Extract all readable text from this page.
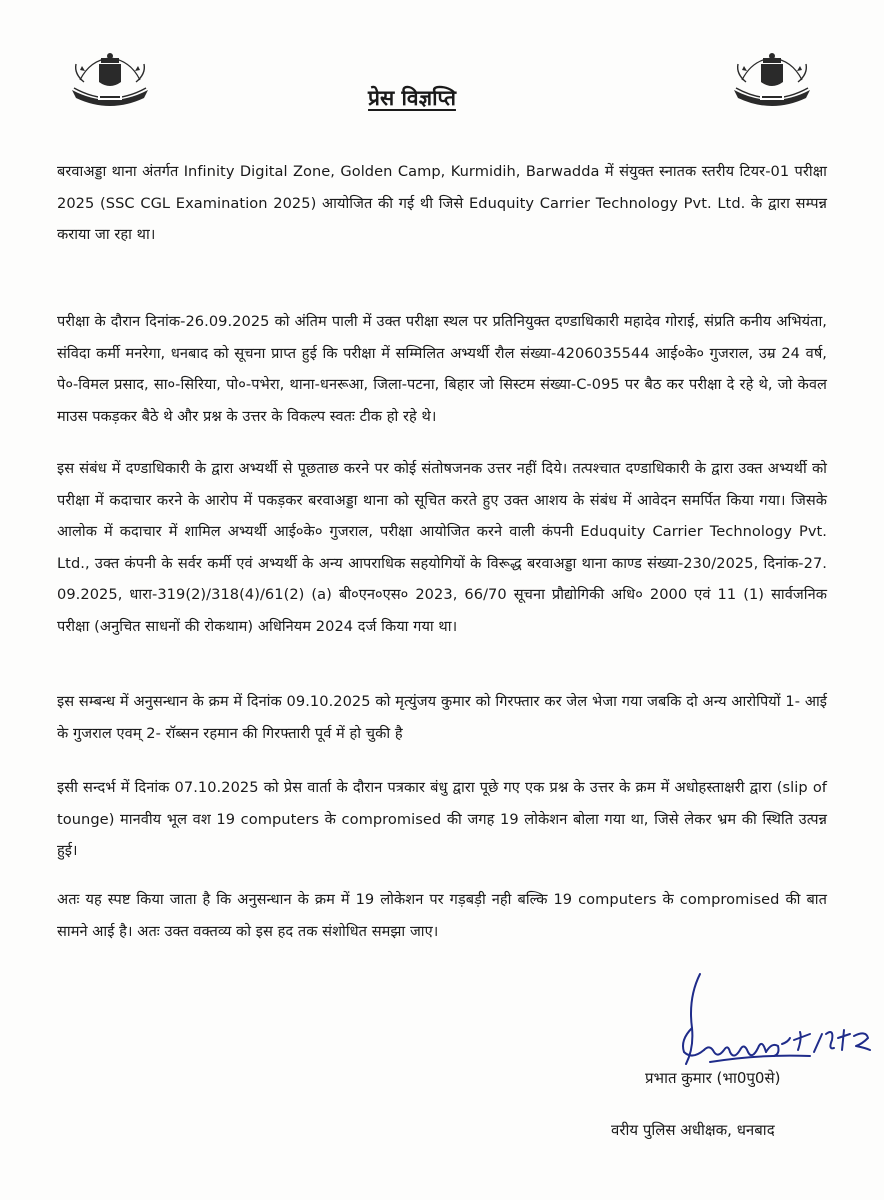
प्रेस विज्ञप्ति

बरवाअड्डा थाना अंतर्गत Infinity Digital Zone, Golden Camp, Kurmidih, Barwadda में संयुक्त स्नातक स्तरीय टियर-01 परीक्षा 2025 (SSC CGL Examination 2025) आयोजित की गई थी जिसे Eduquity Carrier Technology Pvt. Ltd. के द्वारा सम्पन्न कराया जा रहा था।

परीक्षा के दौरान दिनांक-26.09.2025 को अंतिम पाली में उक्त परीक्षा स्थल पर प्रतिनियुक्त दण्डाधिकारी महादेव गोराई, संप्रति कनीय अभियंता, संविदा कर्मी मनरेगा, धनबाद को सूचना प्राप्त हुई कि परीक्षा में सम्मिलित अभ्यर्थी रौल संख्या-4206035544 आई०के० गुजराल, उम्र 24 वर्ष, पे०-विमल प्रसाद, सा०-सिरिया, पो०-पभेरा, थाना-धनरूआ, जिला-पटना, बिहार जो सिस्टम संख्या-C-095 पर बैठ कर परीक्षा दे रहे थे, जो केवल माउस पकड़कर बैठे थे और प्रश्न के उत्तर के विकल्प स्वतः टीक हो रहे थे।

इस संबंध में दण्डाधिकारी के द्वारा अभ्यर्थी से पूछताछ करने पर कोई संतोषजनक उत्तर नहीं दिये। तत्पश्चात दण्डाधिकारी के द्वारा उक्त अभ्यर्थी को परीक्षा में कदाचार करने के आरोप में पकड़कर बरवाअड्डा थाना को सूचित करते हुए उक्त आशय के संबंध में आवेदन समर्पित किया गया। जिसके आलोक में कदाचार में शामिल अभ्यर्थी आई०के० गुजराल, परीक्षा आयोजित करने वाली कंपनी Eduquity Carrier Technology Pvt. Ltd., उक्त कंपनी के सर्वर कर्मी एवं अभ्यर्थी के अन्य आपराधिक सहयोगियों के विरूद्ध बरवाअड्डा थाना काण्ड संख्या-230/2025, दिनांक-27. 09.2025, धारा-319(2)/318(4)/61(2) (a) बी०एन०एस० 2023, 66/70 सूचना प्रौद्योगिकी अधि० 2000 एवं 11 (1) सार्वजनिक परीक्षा (अनुचित साधनों की रोकथाम) अधिनियम 2024 दर्ज किया गया था।

इस सम्बन्ध में अनुसन्धान के क्रम में दिनांक 09.10.2025 को मृत्युंजय कुमार को गिरफ्तार कर जेल भेजा गया जबकि दो अन्य आरोपियों 1- आई के गुजराल एवम् 2- रॉब्सन रहमान की गिरफ्तारी पूर्व में हो चुकी है

इसी सन्दर्भ में दिनांक 07.10.2025 को प्रेस वार्ता के दौरान पत्रकार बंधु द्वारा पूछे गए एक प्रश्न के उत्तर के क्रम में अधोहस्ताक्षरी द्वारा (slip of tounge) मानवीय भूल वश 19 computers के compromised की जगह 19 लोकेशन बोला गया था, जिसे लेकर भ्रम की स्थिति उत्पन्न हुई।

अतः यह स्पष्ट किया जाता है कि अनुसन्धान के क्रम में 19 लोकेशन पर गड़बड़ी नही बल्कि 19 computers के compromised की बात सामने आई है। अतः उक्त वक्तव्य को इस हद तक संशोधित समझा जाए।

प्रभात कुमार (भा0पु0से)

वरीय पुलिस अधीक्षक, धनबाद
